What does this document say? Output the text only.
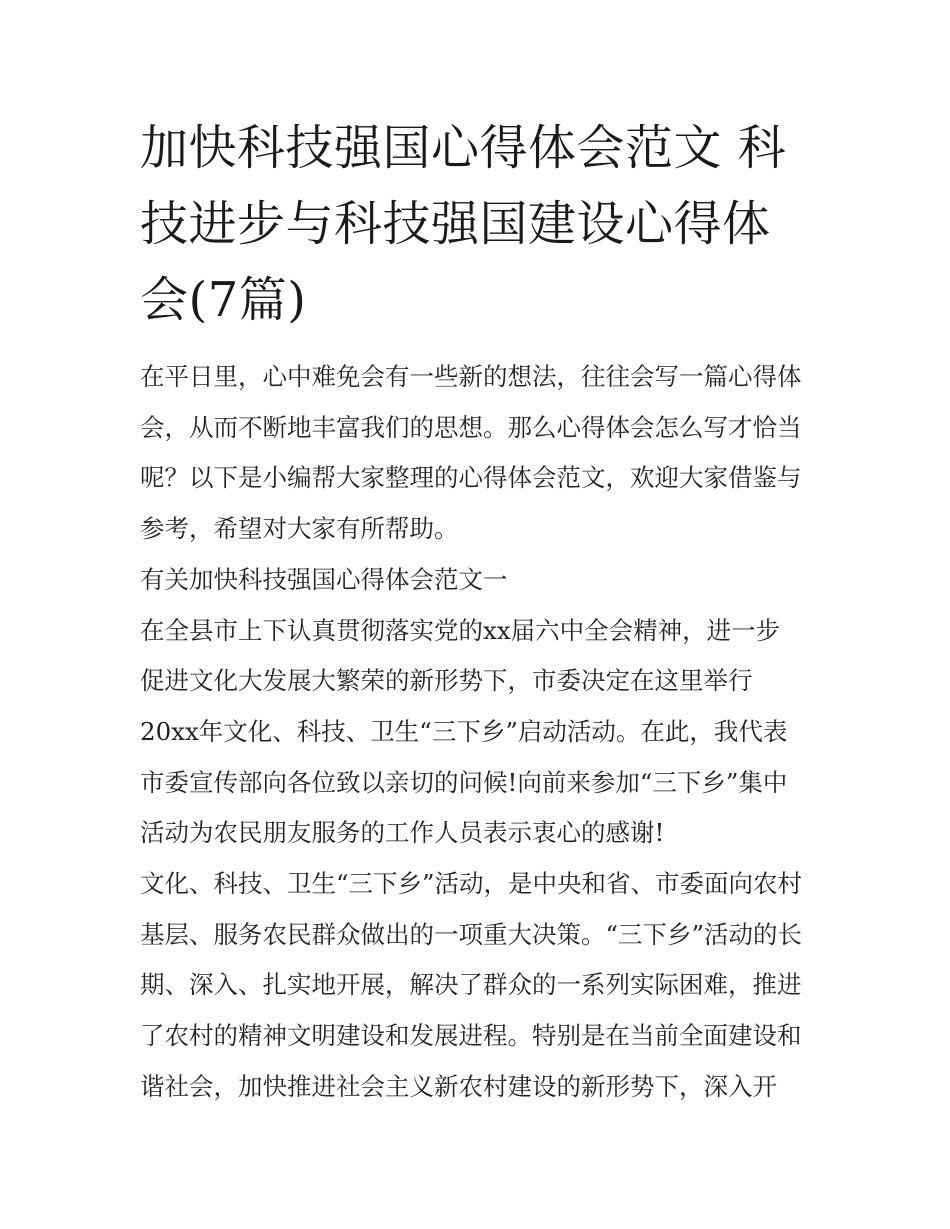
加快科技强国心得体会范文 科
技进步与科技强国建设心得体
会(7篇)
在平日里，心中难免会有一些新的想法，往往会写一篇心得体
会，从而不断地丰富我们的思想。那么心得体会怎么写才恰当
呢？以下是小编帮大家整理的心得体会范文，欢迎大家借鉴与
参考，希望对大家有所帮助。
有关加快科技强国心得体会范文一
在全县市上下认真贯彻落实党的xx届六中全会精神，进一步
促进文化大发展大繁荣的新形势下，市委决定在这里举行
20xx年文化、科技、卫生“三下乡”启动活动。在此，我代表
市委宣传部向各位致以亲切的问候!向前来参加“三下乡”集中
活动为农民朋友服务的工作人员表示衷心的感谢!
文化、科技、卫生“三下乡”活动，是中央和省、市委面向农村
基层、服务农民群众做出的一项重大决策。“三下乡”活动的长
期、深入、扎实地开展，解决了群众的一系列实际困难，推进
了农村的精神文明建设和发展进程。特别是在当前全面建设和
谐社会，加快推进社会主义新农村建设的新形势下，深入开
